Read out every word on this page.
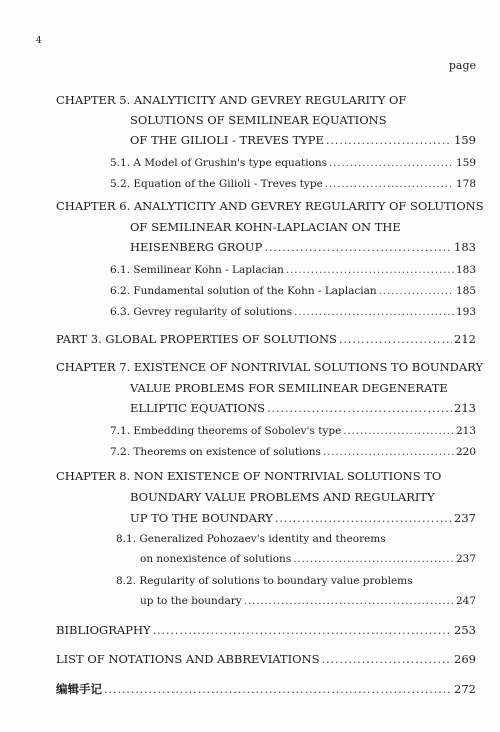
4
page
CHAPTER 5. ANALYTICITY AND GEVREY REGULARITY OF
SOLUTIONS OF SEMILINEAR EQUATIONS
OF THE GILIOLI - TREVES TYPE .....	159
5.1. A Model of Grushin's type equations .....	159
5.2. Equation of the Gilioli - Treves type .....	178
CHAPTER 6. ANALYTICITY AND GEVREY REGULARITY OF SOLUTIONS
OF SEMILINEAR KOHN-LAPLACIAN ON THE
HEISENBERG GROUP .....	183
6.1. Semilinear Kohn - Laplacian .....	183
6.2. Fundamental solution of the Kohn - Laplacian .....	185
6.3. Gevrey regularity of solutions .....	193
PART 3. GLOBAL PROPERTIES OF SOLUTIONS .....	212
CHAPTER 7. EXISTENCE OF NONTRIVIAL SOLUTIONS TO BOUNDARY
VALUE PROBLEMS FOR SEMILINEAR DEGENERATE
ELLIPTIC EQUATIONS .....	213
7.1. Embedding theorems of Sobolev's type .....	213
7.2. Theorems on existence of solutions .....	220
CHAPTER 8. NON EXISTENCE OF NONTRIVIAL SOLUTIONS TO
BOUNDARY VALUE PROBLEMS AND REGULARITY
UP TO THE BOUNDARY .....	237
8.1. Generalized Pohozaev's identity and theorems
on nonexistence of solutions .....	237
8.2. Regularity of solutions to boundary value problems
up to the boundary .....	247
BIBLIOGRAPHY .....	253
LIST OF NOTATIONS AND ABBREVIATIONS .....	269
编辑手记 .....	272
